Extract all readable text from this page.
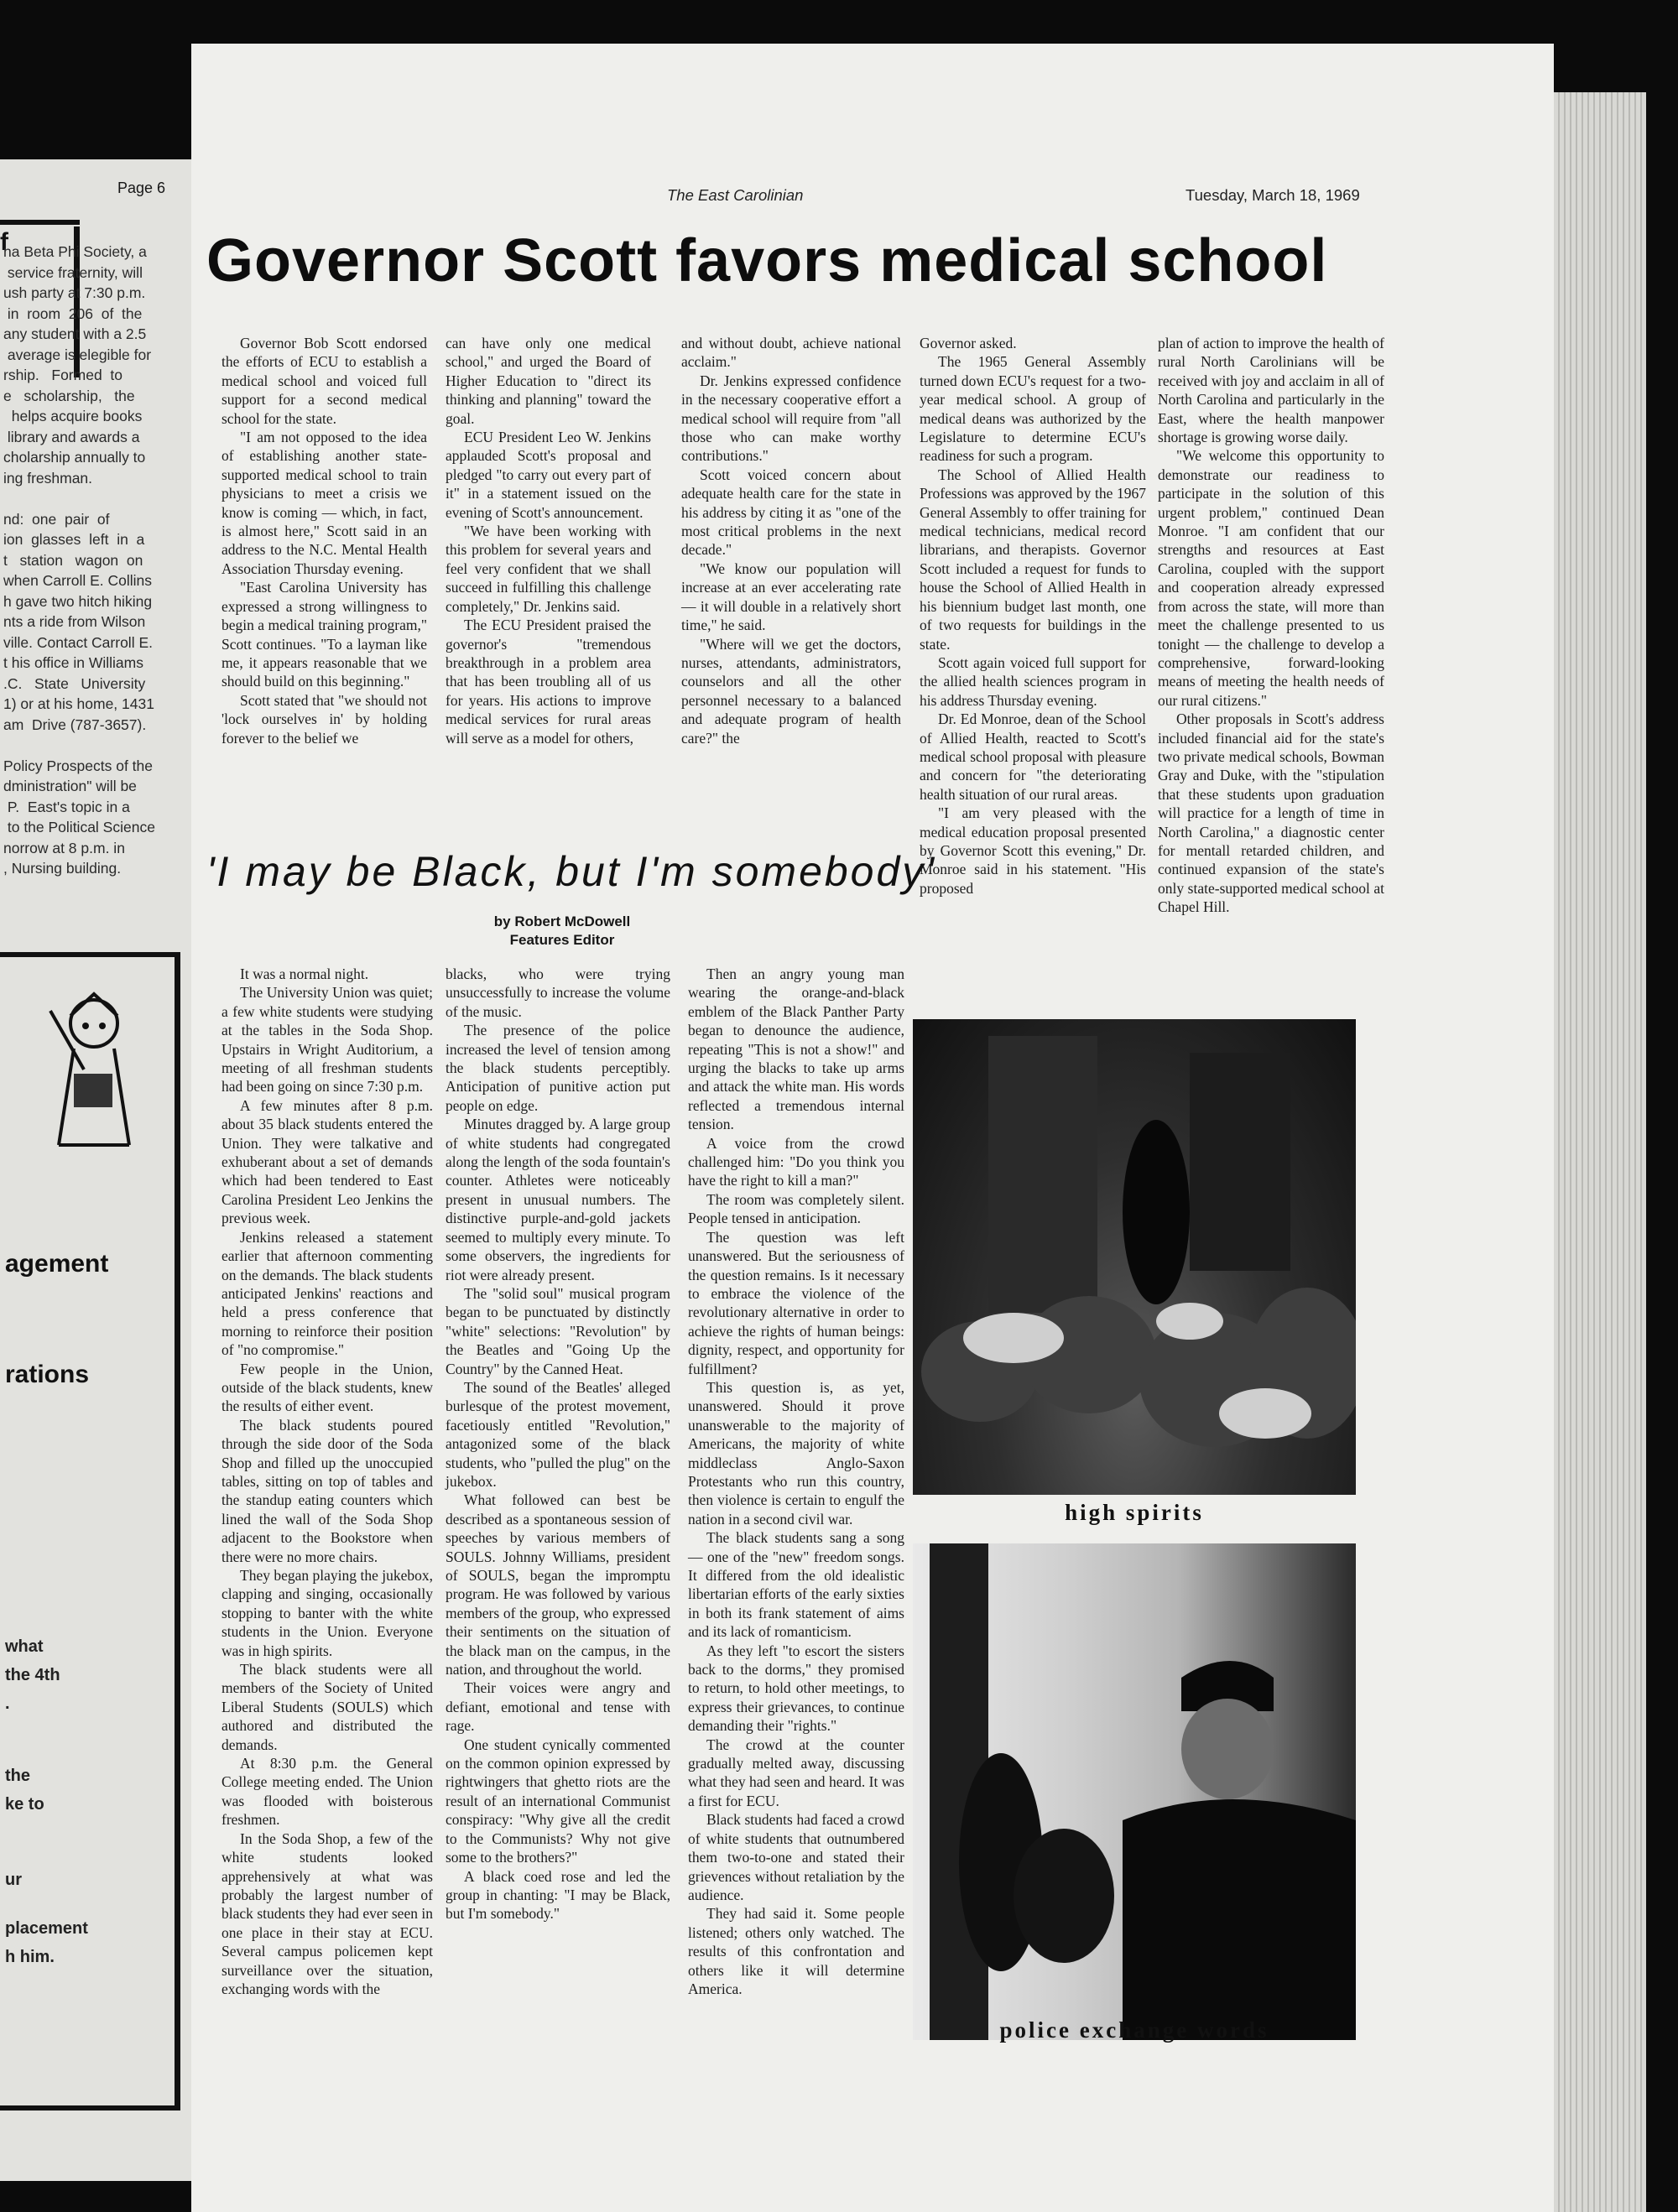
Page 6
f
na Beta Phi Society, a
service fraternity, will
ush party at 7:30 p.m.
in  room  206  of  the
any student with a 2.5
average is elegible for
rship.   Formed  to
e   scholarship,   the
helps acquire books
library and awards a
cholarship annually to
ing freshman.
nd:  one  pair  of
ion  glasses  left  in  a
t   station   wagon  on
when Carroll E. Collins
h gave two hitch hiking
nts a ride from Wilson
ville. Contact Carroll E.
t his office in Williams
.C.   State   University
1) or at his home, 1431
am  Drive (787-3657).
Policy Prospects of the
dministration" will be
P.  East's topic in a
to the Political Science
norrow at 8 p.m. in
, Nursing building.
agement
rations
what
the 4th
.
the
ke to
ur
placement
h him.
The East Carolinian	Tuesday, March 18, 1969
Governor Scott favors medical school

Governor Bob Scott endorsed the efforts of ECU to establish a medical school and voiced full support for a second medical school for the state.

"I am not opposed to the idea of establishing another state-supported medical school to train physicians to meet a crisis we know is coming — which, in fact, is almost here," Scott said in an address to the N.C. Mental Health Association Thursday evening.

"East Carolina University has expressed a strong willingness to begin a medical training program," Scott continues. "To a layman like me, it appears reasonable that we should build on this beginning."

Scott stated that "we should not 'lock ourselves in' by holding forever to the belief we

can have only one medical school," and urged the Board of Higher Education to "direct its thinking and planning" toward the goal.

ECU President Leo W. Jenkins applauded Scott's proposal and pledged "to carry out every part of it" in a statement issued on the evening of Scott's announcement.

"We have been working with this problem for several years and feel very confident that we shall succeed in fulfilling this challenge completely," Dr. Jenkins said.

The ECU President praised the governor's "tremendous breakthrough in a problem area that has been troubling all of us for years. His actions to improve medical services for rural areas will serve as a model for others,

and without doubt, achieve national acclaim."

Dr. Jenkins expressed confidence in the necessary cooperative effort a medical school will require from "all those who can make worthy contributions."

Scott voiced concern about adequate health care for the state in his address by citing it as "one of the most critical problems in the next decade."

"We know our population will increase at an ever accelerating rate — it will double in a relatively short time," he said.

"Where will we get the doctors, nurses, attendants, administrators, counselors and all the other personnel necessary to a balanced and adequate program of health care?" the

Governor asked.

The 1965 General Assembly turned down ECU's request for a two-year medical school. A group of medical deans was authorized by the Legislature to determine ECU's readiness for such a program.

The School of Allied Health Professions was approved by the 1967 General Assembly to offer training for medical technicians, medical record librarians, and therapists. Governor Scott included a request for funds to house the School of Allied Health in his biennium budget last month, one of two requests for buildings in the state.

Scott again voiced full support for the allied health sciences program in his address Thursday evening.

Dr. Ed Monroe, dean of the School of Allied Health, reacted to Scott's medical school proposal with pleasure and concern for "the deteriorating health situation of our rural areas.

"I am very pleased with the medical education proposal presented by Governor Scott this evening," Dr. Monroe said in his statement. "His proposed

plan of action to improve the health of rural North Carolinians will be received with joy and acclaim in all of North Carolina and particularly in the East, where the health manpower shortage is growing worse daily.

"We welcome this opportunity to demonstrate our readiness to participate in the solution of this urgent problem," continued Dean Monroe. "I am confident that our strengths and resources at East Carolina, coupled with the support and cooperation already expressed from across the state, will more than meet the challenge presented to us tonight — the challenge to develop a comprehensive, forward-looking means of meeting the health needs of our rural citizens."

Other proposals in Scott's address included financial aid for the state's two private medical schools, Bowman Gray and Duke, with the "stipulation that these students upon graduation will practice for a length of time in North Carolina," a diagnostic center for mentall retarded children, and continued expansion of the state's only state-supported medical school at Chapel Hill.

'I may be Black, but I'm somebody'
by Robert McDowell
Features Editor

It was a normal night.

The University Union was quiet; a few white students were studying at the tables in the Soda Shop. Upstairs in Wright Auditorium, a meeting of all freshman students had been going on since 7:30 p.m.

A few minutes after 8 p.m. about 35 black students entered the Union. They were talkative and exhuberant about a set of demands which had been tendered to East Carolina President Leo Jenkins the previous week.

Jenkins released a statement earlier that afternoon commenting on the demands. The black students anticipated Jenkins' reactions and held a press conference that morning to reinforce their position of "no compromise."

Few people in the Union, outside of the black students, knew the results of either event.

The black students poured through the side door of the Soda Shop and filled up the unoccupied tables, sitting on top of tables and the standup eating counters which lined the wall of the Soda Shop adjacent to the Bookstore when there were no more chairs.

They began playing the jukebox, clapping and singing, occasionally stopping to banter with the white students in the Union. Everyone was in high spirits.

The black students were all members of the Society of United Liberal Students (SOULS) which authored and distributed the demands.

At 8:30 p.m. the General College meeting ended. The Union was flooded with boisterous freshmen.

In the Soda Shop, a few of the white students looked apprehensively at what was probably the largest number of black students they had ever seen in one place in their stay at ECU. Several campus policemen kept surveillance over the situation, exchanging words with the

blacks, who were trying unsuccessfully to increase the volume of the music.

The presence of the police increased the level of tension among the black students perceptibly. Anticipation of punitive action put people on edge.

Minutes dragged by. A large group of white students had congregated along the length of the soda fountain's counter. Athletes were noticeably present in unusual numbers. The distinctive purple-and-gold jackets seemed to multiply every minute. To some observers, the ingredients for riot were already present.

The "solid soul" musical program began to be punctuated by distinctly "white" selections: "Revolution" by the Beatles and "Going Up the Country" by the Canned Heat.

The sound of the Beatles' alleged burlesque of the protest movement, facetiously entitled "Revolution," antagonized some of the black students, who "pulled the plug" on the jukebox.

What followed can best be described as a spontaneous session of speeches by various members of SOULS. Johnny Williams, president of SOULS, began the impromptu program. He was followed by various members of the group, who expressed their sentiments on the situation of the black man on the campus, in the nation, and throughout the world.

Their voices were angry and defiant, emotional and tense with rage.

One student cynically commented on the common opinion expressed by rightwingers that ghetto riots are the result of an international Communist conspiracy: "Why give all the credit to the Communists? Why not give some to the brothers?"

A black coed rose and led the group in chanting: "I may be Black, but I'm somebody."

Then an angry young man wearing the orange-and-black emblem of the Black Panther Party began to denounce the audience, repeating "This is not a show!" and urging the blacks to take up arms and attack the white man. His words reflected a tremendous internal tension.

A voice from the crowd challenged him: "Do you think you have the right to kill a man?"

The room was completely silent. People tensed in anticipation.

The question was left unanswered. But the seriousness of the question remains. Is it necessary to embrace the violence of the revolutionary alternative in order to achieve the rights of human beings: dignity, respect, and opportunity for fulfillment?

This question is, as yet, unanswered. Should it prove unanswerable to the majority of Americans, the majority of white middleclass Anglo-Saxon Protestants who run this country, then violence is certain to engulf the nation in a second civil war.

The black students sang a song — one of the "new" freedom songs. It differed from the old idealistic libertarian efforts of the early sixties in both its frank statement of aims and its lack of romanticism.

As they left "to escort the sisters back to the dorms," they promised to return, to hold other meetings, to express their grievances, to continue demanding their "rights."

The crowd at the counter gradually melted away, discussing what they had seen and heard. It was a first for ECU.

Black students had faced a crowd of white students that outnumbered them two-to-one and stated their grievences without retaliation by the audience.

They had said it. Some people listened; others only watched. The results of this confrontation and others like it will determine America.

high spirits
police exchange words
